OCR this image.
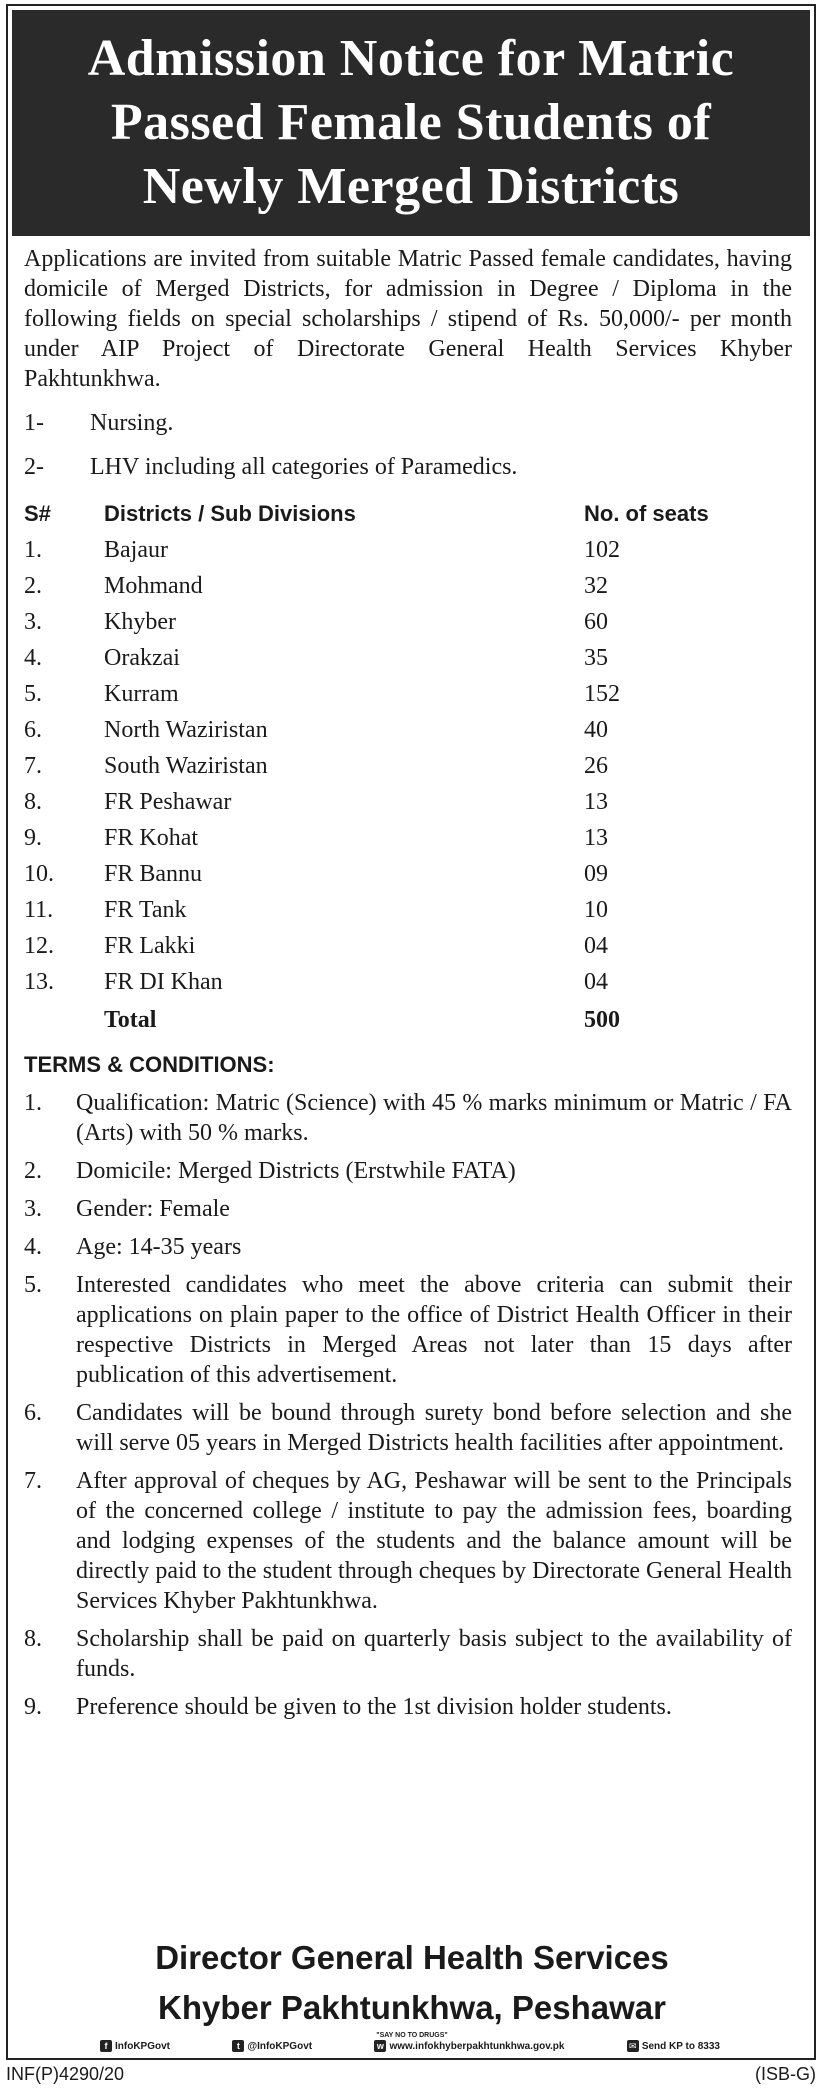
Admission Notice for Matric
Passed Female Students of
Newly Merged Districts

Applications are invited from suitable Matric Passed female candidates, having domicile of Merged Districts, for admission in Degree / Diploma in the following fields on special scholarships / stipend of Rs. 50,000/- per month under AIP Project of Directorate General Health Services Khyber Pakhtunkhwa.

1-	Nursing.
2-	LHV including all categories of Paramedics.
S#	Districts / Sub Divisions	No. of seats
1.	Bajaur	102
2.	Mohmand	32
3.	Khyber	60
4.	Orakzai	35
5.	Kurram	152
6.	North Waziristan	40
7.	South Waziristan	26
8.	FR Peshawar	13
9.	FR Kohat	13
10.	FR Bannu	09
11.	FR Tank	10
12.	FR Lakki	04
13.	FR DI Khan	04
	Total	500
TERMS & CONDITIONS:
1.	Qualification: Matric (Science) with 45 % marks minimum or Matric / FA (Arts) with 50 % marks.
2.	Domicile: Merged Districts (Erstwhile FATA)
3.	Gender: Female
4.	Age: 14-35 years
5.	Interested candidates who meet the above criteria can submit their applications on plain paper to the office of District Health Officer in their respective Districts in Merged Areas not later than 15 days after publication of this advertisement.
6.	Candidates will be bound through surety bond before selection and she will serve 05 years in Merged Districts health facilities after appointment.
7.	After approval of cheques by AG, Peshawar will be sent to the Principals of the concerned college / institute to pay the admission fees, boarding and lodging expenses of the students and the balance amount will be directly paid to the student through cheques by Directorate General Health Services Khyber Pakhtunkhwa.
8.	Scholarship shall be paid on quarterly basis subject to the availability of funds.
9.	Preference should be given to the 1st division holder students.
Director General Health Services
Khyber Pakhtunkhwa, Peshawar
"SAY NO TO DRUGS"
f InfoKPGovt	t @InfoKPGovt	w www.infokhyberpakhtunkhwa.gov.pk	✉ Send KP to 8333
INF(P)4290/20	(ISB-G)
